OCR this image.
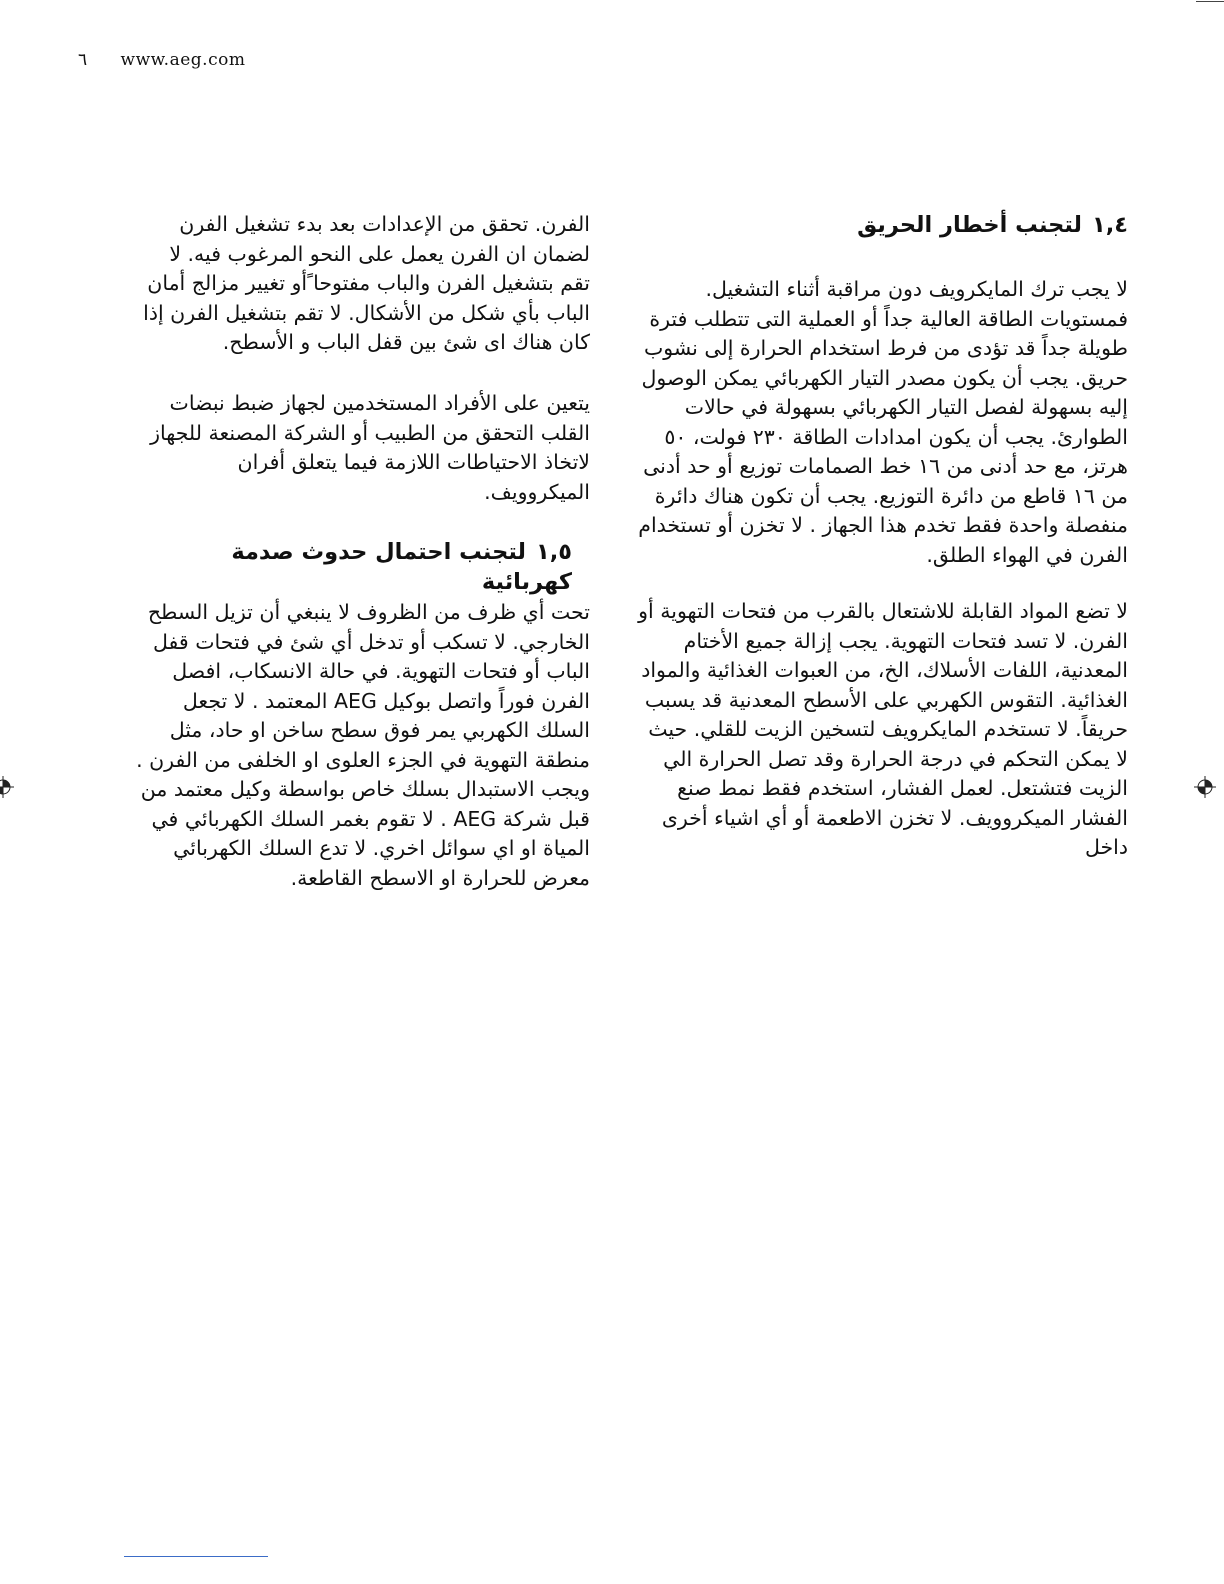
٦ www.aeg.com
١,٤لتجنب أخطار الحريق

لا يجب ترك المايكرويف دون مراقبة أثناء التشغيل. فمستويات الطاقة العالية جداً أو العملية التى تتطلب فترة طويلة جداً قد تؤدى من فرط استخدام الحرارة إلى نشوب حريق. يجب أن يكون مصدر التيار الكهربائي يمكن الوصول إليه بسهولة لفصل التيار الكهربائي بسهولة في حالات الطوارئ. يجب أن يكون امدادات الطاقة ٢٣٠ فولت، ٥٠ هرتز، مع حد أدنى من ١٦ خط الصمامات توزيع أو حد أدنى من ١٦ قاطع من دائرة التوزيع. يجب أن تكون هناك دائرة منفصلة واحدة فقط تخدم هذا الجهاز . لا تخزن أو تستخدام الفرن في الهواء الطلق.

لا تضع المواد القابلة للاشتعال بالقرب من فتحات التهوية أو الفرن. لا تسد فتحات التهوية. يجب إزالة جميع الأختام المعدنية، اللفات الأسلاك، الخ، من العبوات الغذائية والمواد الغذائية. التقوس الكهربي على الأسطح المعدنية قد يسبب حريقاً. لا تستخدم المايكرويف لتسخين الزيت للقلي. حيث لا يمكن التحكم في درجة الحرارة وقد تصل الحرارة الي الزيت فتشتعل. لعمل الفشار، استخدم فقط نمط صنع الفشار الميكروويف. لا تخزن الاطعمة أو أي اشياء أخرى داخل

الفرن. تحقق من الإعدادات بعد بدء تشغيل الفرن لضمان ان الفرن يعمل على النحو المرغوب فيه. لا تقم بتشغيل الفرن والباب مفتوحا ًأو تغيير مزالج أمان الباب بأي شكل من الأشكال. لا تقم بتشغيل الفرن إذا كان هناك اى شئ بين قفل الباب و الأسطح.

يتعين على الأفراد المستخدمين لجهاز ضبط نبضات القلب التحقق من الطبيب أو الشركة المصنعة للجهاز لاتخاذ الاحتياطات اللازمة فيما يتعلق أفران الميكروويف.

١,٥لتجنب احتمال حدوث صدمة كهربائية

تحت أي ظرف من الظروف لا ينبغي أن تزيل السطح الخارجي. لا تسكب أو تدخل أي شئ في فتحات قفل الباب أو فتحات التهوية. في حالة الانسكاب، افصل الفرن فوراً واتصل بوكيل AEG المعتمد . لا تجعل السلك الكهربي يمر فوق سطح ساخن او حاد، مثل منطقة التهوية في الجزء العلوى او الخلفى من الفرن . ويجب الاستبدال بسلك خاص بواسطة وكيل معتمد من قبل شركة AEG . لا تقوم بغمر السلك الكهربائي في المياة او اي سوائل اخري. لا تدع السلك الكهربائي معرض للحرارة او الاسطح القاطعة.
